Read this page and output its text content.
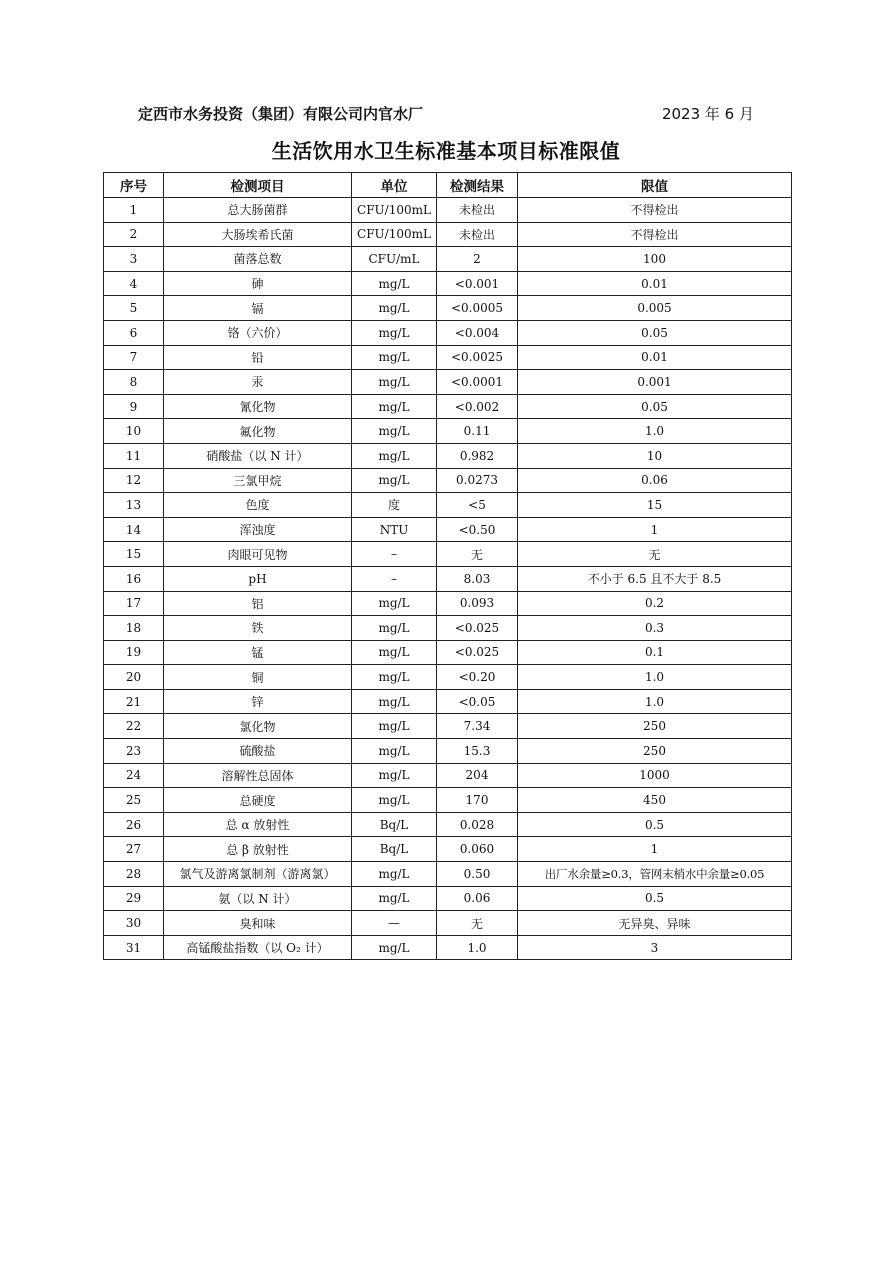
定西市水务投资（集团）有限公司内官水厂	2023 年 6 月
生活饮用水卫生标准基本项目标准限值
序号	检测项目	单位	检测结果	限值
1	总大肠菌群	CFU/100mL	未检出	不得检出
2	大肠埃希氏菌	CFU/100mL	未检出	不得检出
3	菌落总数	CFU/mL	2	100
4	砷	mg/L	<0.001	0.01
5	镉	mg/L	<0.0005	0.005
6	铬（六价）	mg/L	<0.004	0.05
7	铅	mg/L	<0.0025	0.01
8	汞	mg/L	<0.0001	0.001
9	氰化物	mg/L	<0.002	0.05
10	氟化物	mg/L	0.11	1.0
11	硝酸盐（以 N 计）	mg/L	0.982	10
12	三氯甲烷	mg/L	0.0273	0.06
13	色度	度	<5	15
14	浑浊度	NTU	<0.50	1
15	肉眼可见物	–	无	无
16	pH	–	8.03	不小于 6.5 且不大于 8.5
17	铝	mg/L	0.093	0.2
18	铁	mg/L	<0.025	0.3
19	锰	mg/L	<0.025	0.1
20	铜	mg/L	<0.20	1.0
21	锌	mg/L	<0.05	1.0
22	氯化物	mg/L	7.34	250
23	硫酸盐	mg/L	15.3	250
24	溶解性总固体	mg/L	204	1000
25	总硬度	mg/L	170	450
26	总 α 放射性	Bq/L	0.028	0.5
27	总 β 放射性	Bq/L	0.060	1
28	氯气及游离氯制剂（游离氯）	mg/L	0.50	出厂水余量≥0.3，管网末梢水中余量≥0.05
29	氨（以 N 计）	mg/L	0.06	0.5
30	臭和味	—	无	无异臭、异味
31	高锰酸盐指数（以 O₂ 计）	mg/L	1.0	3
